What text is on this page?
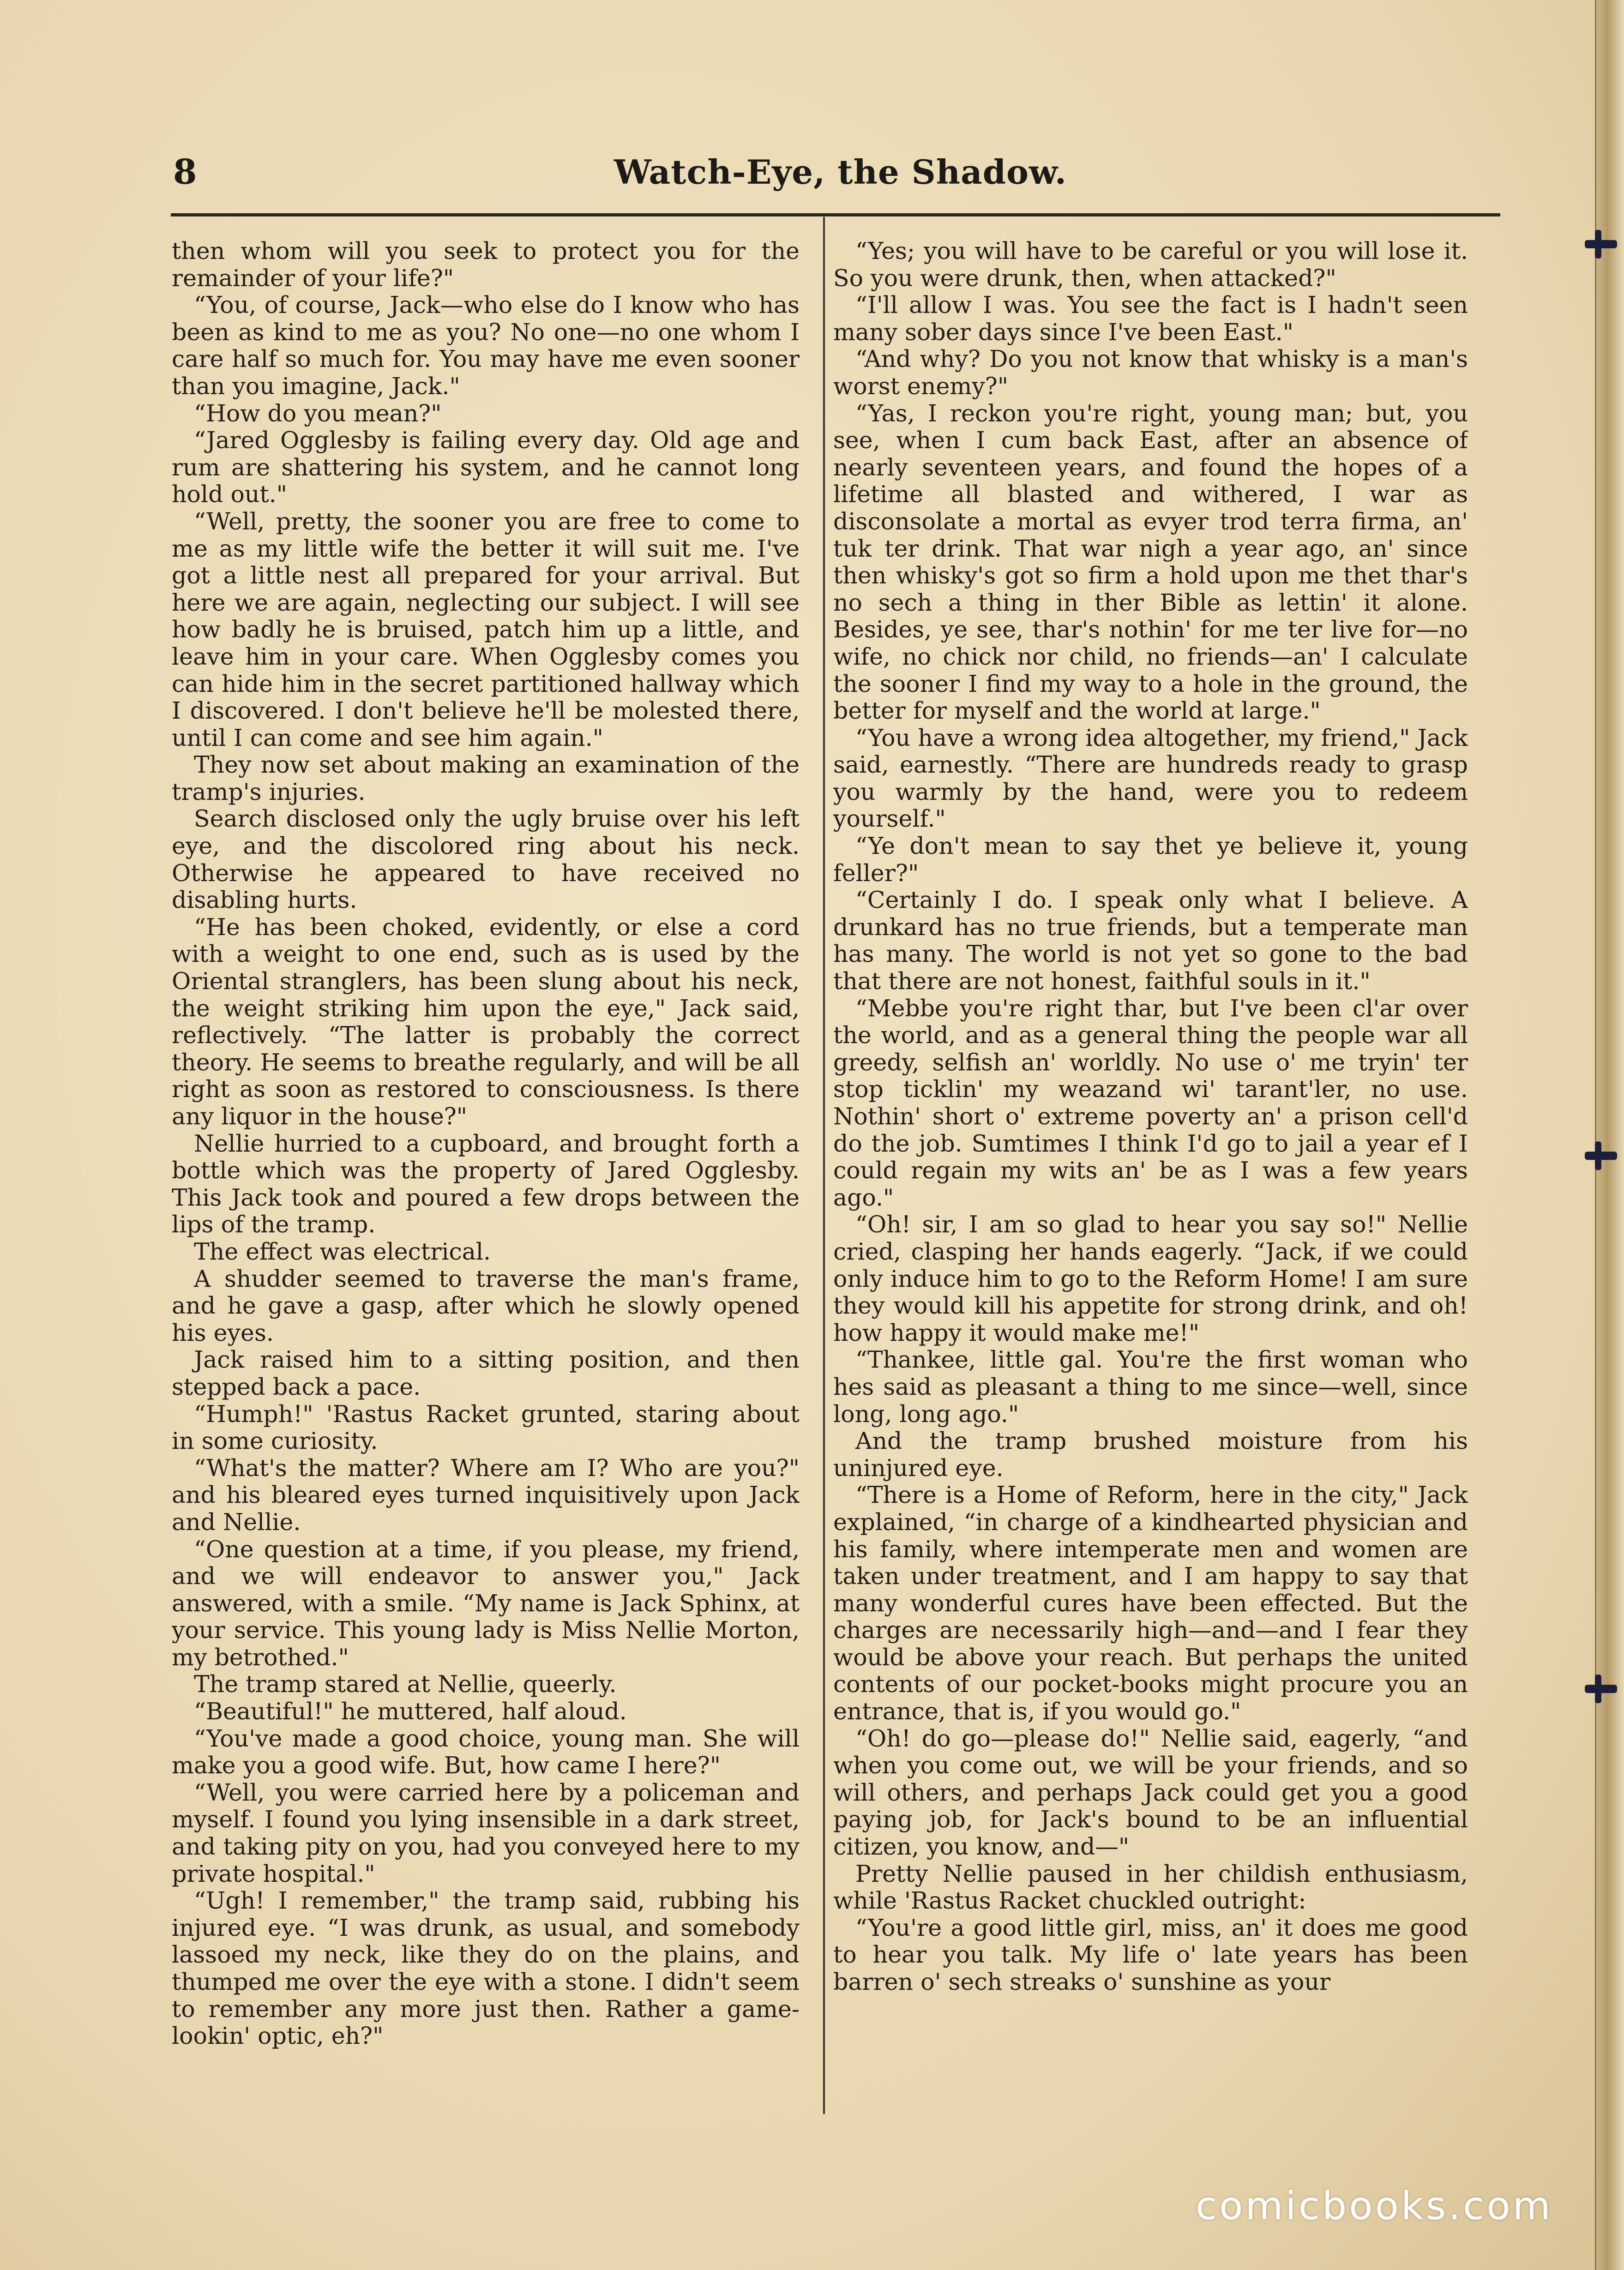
8	Watch-Eye, the Shadow.

then whom will you seek to protect you for the remainder of your life?"

“You, of course, Jack—who else do I know who has been as kind to me as you? No one—no one whom I care half so much for. You may have me even sooner than you imagine, Jack."

“How do you mean?"

“Jared Ogglesby is failing every day. Old age and rum are shattering his system, and he cannot long hold out."

“Well, pretty, the sooner you are free to come to me as my little wife the better it will suit me. I've got a little nest all prepared for your arrival. But here we are again, neglecting our subject. I will see how badly he is bruised, patch him up a little, and leave him in your care. When Ogglesby comes you can hide him in the secret partitioned hallway which I discovered. I don't believe he'll be molested there, until I can come and see him again."

They now set about making an examination of the tramp's injuries.

Search disclosed only the ugly bruise over his left eye, and the discolored ring about his neck. Otherwise he appeared to have received no disabling hurts.

“He has been choked, evidently, or else a cord with a weight to one end, such as is used by the Oriental stranglers, has been slung about his neck, the weight striking him upon the eye," Jack said, reflectively. “The latter is probably the correct theory. He seems to breathe regularly, and will be all right as soon as restored to consciousness. Is there any liquor in the house?"

Nellie hurried to a cupboard, and brought forth a bottle which was the property of Jared Ogglesby. This Jack took and poured a few drops between the lips of the tramp.

The effect was electrical.

A shudder seemed to traverse the man's frame, and he gave a gasp, after which he slowly opened his eyes.

Jack raised him to a sitting position, and then stepped back a pace.

“Humph!" 'Rastus Racket grunted, staring about in some curiosity.

“What's the matter? Where am I? Who are you?" and his bleared eyes turned inquisitively upon Jack and Nellie.

“One question at a time, if you please, my friend, and we will endeavor to answer you," Jack answered, with a smile. “My name is Jack Sphinx, at your service. This young lady is Miss Nellie Morton, my betrothed."

The tramp stared at Nellie, queerly.

“Beautiful!" he muttered, half aloud.

“You've made a good choice, young man. She will make you a good wife. But, how came I here?"

“Well, you were carried here by a policeman and myself. I found you lying insensible in a dark street, and taking pity on you, had you conveyed here to my private hospital."

“Ugh! I remember," the tramp said, rubbing his injured eye. “I was drunk, as usual, and somebody lassoed my neck, like they do on the plains, and thumped me over the eye with a stone. I didn't seem to remember any more just then. Rather a game-lookin' optic, eh?"

“Yes; you will have to be careful or you will lose it. So you were drunk, then, when attacked?"

“I'll allow I was. You see the fact is I hadn't seen many sober days since I've been East."

“And why? Do you not know that whisky is a man's worst enemy?"

“Yas, I reckon you're right, young man; but, you see, when I cum back East, after an absence of nearly seventeen years, and found the hopes of a lifetime all blasted and withered, I war as disconsolate a mortal as evyer trod terra firma, an' tuk ter drink. That war nigh a year ago, an' since then whisky's got so firm a hold upon me thet thar's no sech a thing in ther Bible as lettin' it alone. Besides, ye see, thar's nothin' for me ter live for—no wife, no chick nor child, no friends—an' I calculate the sooner I find my way to a hole in the ground, the better for myself and the world at large."

“You have a wrong idea altogether, my friend," Jack said, earnestly. “There are hundreds ready to grasp you warmly by the hand, were you to redeem yourself."

“Ye don't mean to say thet ye believe it, young feller?"

“Certainly I do. I speak only what I believe. A drunkard has no true friends, but a temperate man has many. The world is not yet so gone to the bad that there are not honest, faithful souls in it."

“Mebbe you're right thar, but I've been cl'ar over the world, and as a general thing the people war all greedy, selfish an' worldly. No use o' me tryin' ter stop ticklin' my weazand wi' tarant'ler, no use. Nothin' short o' extreme poverty an' a prison cell'd do the job. Sumtimes I think I'd go to jail a year ef I could regain my wits an' be as I was a few years ago."

“Oh! sir, I am so glad to hear you say so!" Nellie cried, clasping her hands eagerly. “Jack, if we could only induce him to go to the Reform Home! I am sure they would kill his appetite for strong drink, and oh! how happy it would make me!"

“Thankee, little gal. You're the first woman who hes said as pleasant a thing to me since—well, since long, long ago."

And the tramp brushed moisture from his uninjured eye.

“There is a Home of Reform, here in the city," Jack explained, “in charge of a kindhearted physician and his family, where intemperate men and women are taken under treatment, and I am happy to say that many wonderful cures have been effected. But the charges are necessarily high—and—and I fear they would be above your reach. But perhaps the united contents of our pocket-books might procure you an entrance, that is, if you would go."

“Oh! do go—please do!" Nellie said, eagerly, “and when you come out, we will be your friends, and so will others, and perhaps Jack could get you a good paying job, for Jack's bound to be an influential citizen, you know, and—"

Pretty Nellie paused in her childish enthusiasm, while 'Rastus Racket chuckled outright:

“You're a good little girl, miss, an' it does me good to hear you talk. My life o' late years has been barren o' sech streaks o' sunshine as your

comicbooks.com
